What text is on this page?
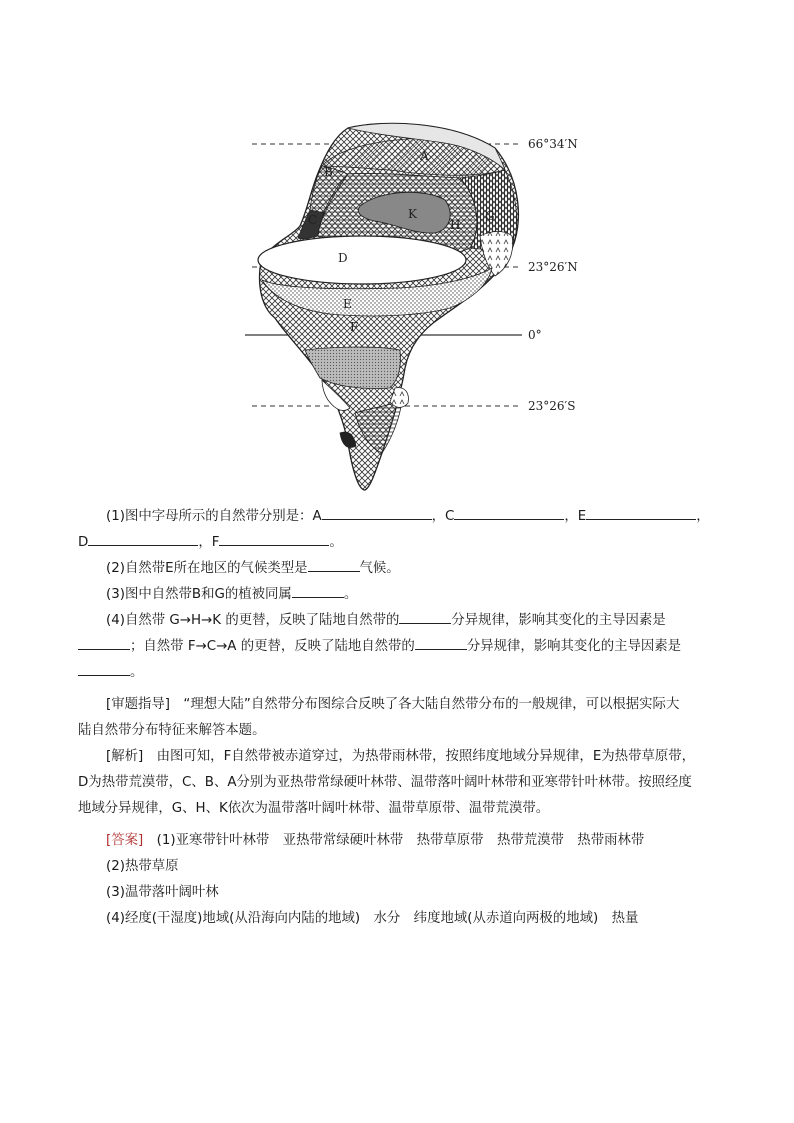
A
B
C
D
E
F
G
H
K
66°34′N
23°26′N
0°
23°26′S
(1)图中字母所示的自然带分别是：A	，C	，E	，
D	，F	。
(2)自然带E所在地区的气候类型是	气候。
(3)图中自然带B和G的植被同属	。
(4)自然带 G→H→K 的更替，反映了陆地自然带的	分异规律，影响其变化的主导因素是
；自然带 F→C→A 的更替，反映了陆地自然带的	分异规律，影响其变化的主导因素是
。
[审题指导]　 “理想大陆”自然带分布图综合反映了各大陆自然带分布的一般规律，可以根据实际大
陆自然带分布特征来解答本题。
[解析]　 由图可知，F自然带被赤道穿过，为热带雨林带，按照纬度地域分异规律，E为热带草原带，
D为热带荒漠带，C、B、A分别为亚热带常绿硬叶林带、温带落叶阔叶林带和亚寒带针叶林带。按照经度
地域分异规律，G、H、K依次为温带落叶阔叶林带、温带草原带、温带荒漠带。
[答案]　 (1)亚寒带针叶林带　亚热带常绿硬叶林带　热带草原带　热带荒漠带　热带雨林带
(2)热带草原
(3)温带落叶阔叶林
(4)经度(干湿度)地域(从沿海向内陆的地域)　水分　纬度地域(从赤道向两极的地域)　热量
